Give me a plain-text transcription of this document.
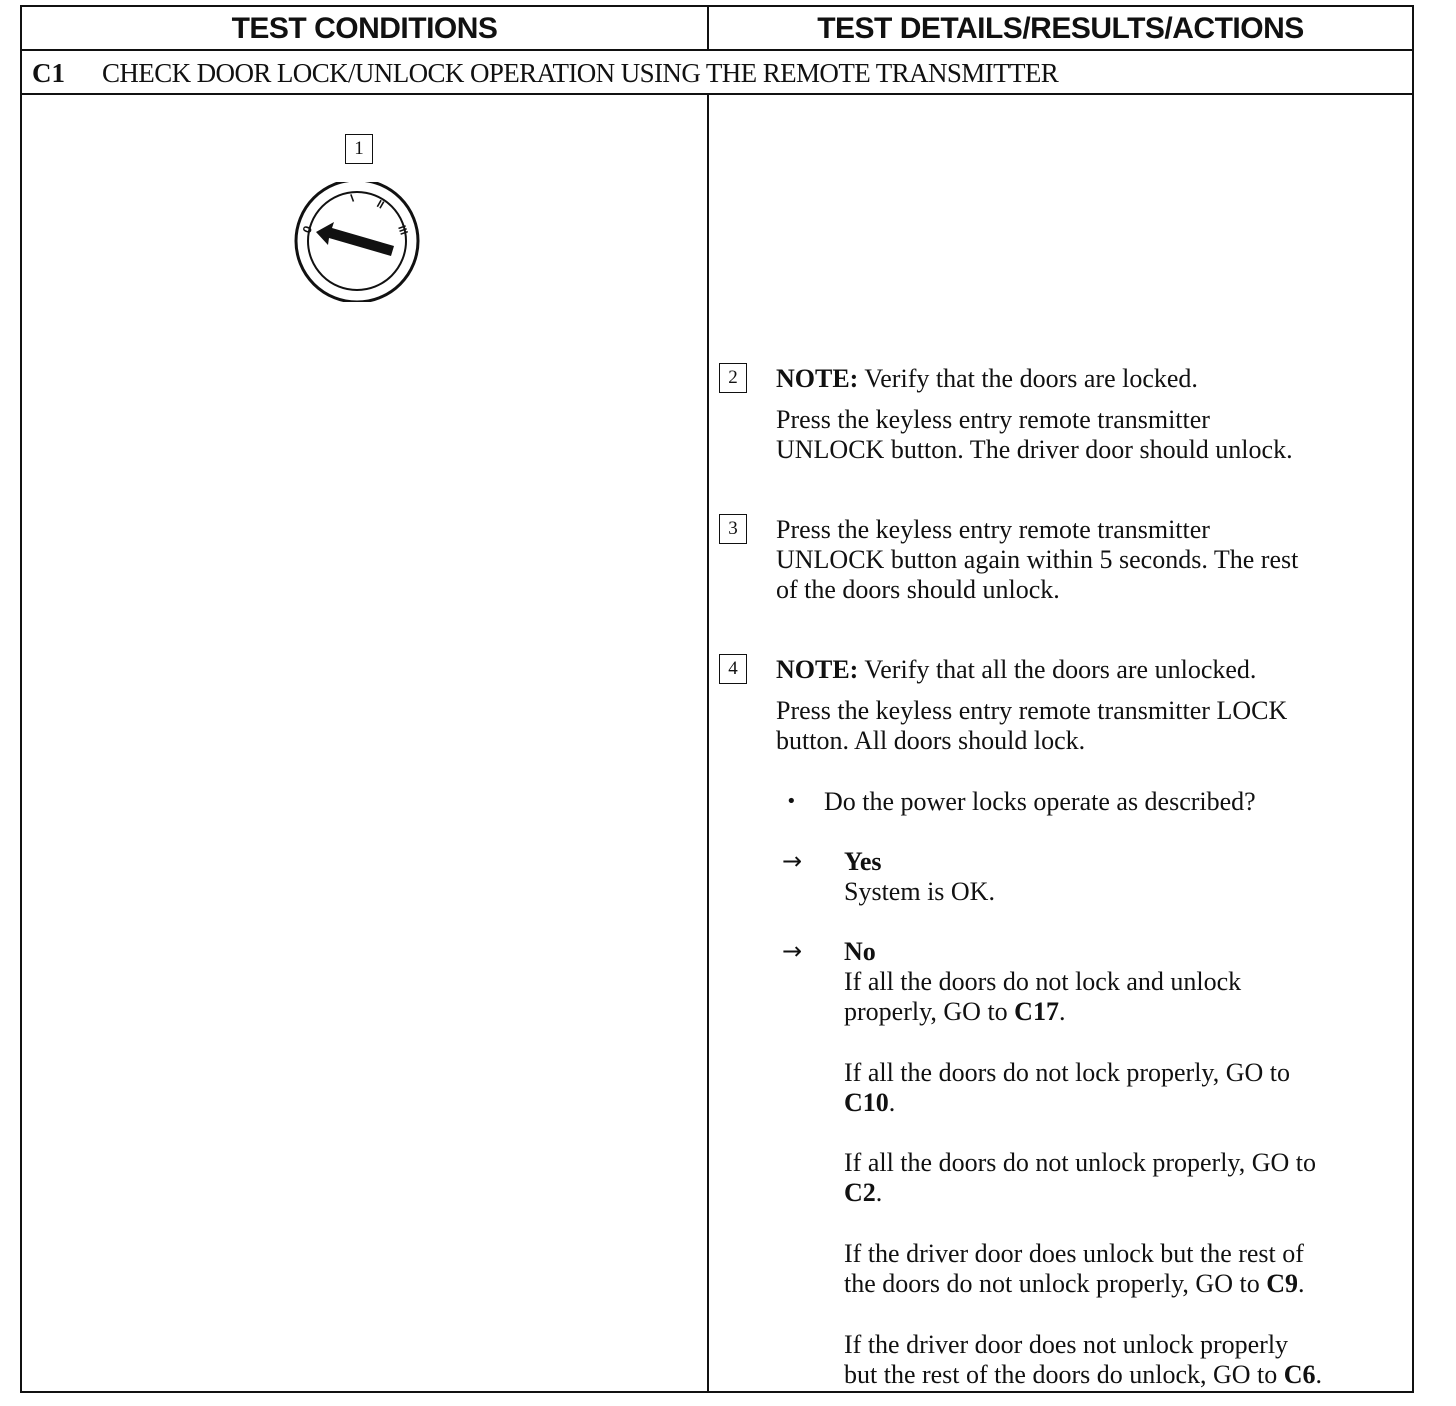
TEST CONDITIONS	TEST DETAILS/RESULTS/ACTIONS
C1 CHECK DOOR LOCK/UNLOCK OPERATION USING THE REMOTE TRANSMITTER
1
0
I II
III
2	NOTE: Verify that the doors are locked.
Press the keyless entry remote transmitter
UNLOCK button. The driver door should unlock.
3	Press the keyless entry remote transmitter
UNLOCK button again within 5 seconds. The rest
of the doors should unlock.
4	NOTE: Verify that all the doors are unlocked.
Press the keyless entry remote transmitter LOCK
button. All doors should lock.
• Do the power locks operate as described?
→ Yes
System is OK.
→ No
If all the doors do not lock and unlock
properly, GO to C17.
If all the doors do not lock properly, GO to
C10.
If all the doors do not unlock properly, GO to
C2.
If the driver door does unlock but the rest of
the doors do not unlock properly, GO to C9.
If the driver door does not unlock properly
but the rest of the doors do unlock, GO to C6.
